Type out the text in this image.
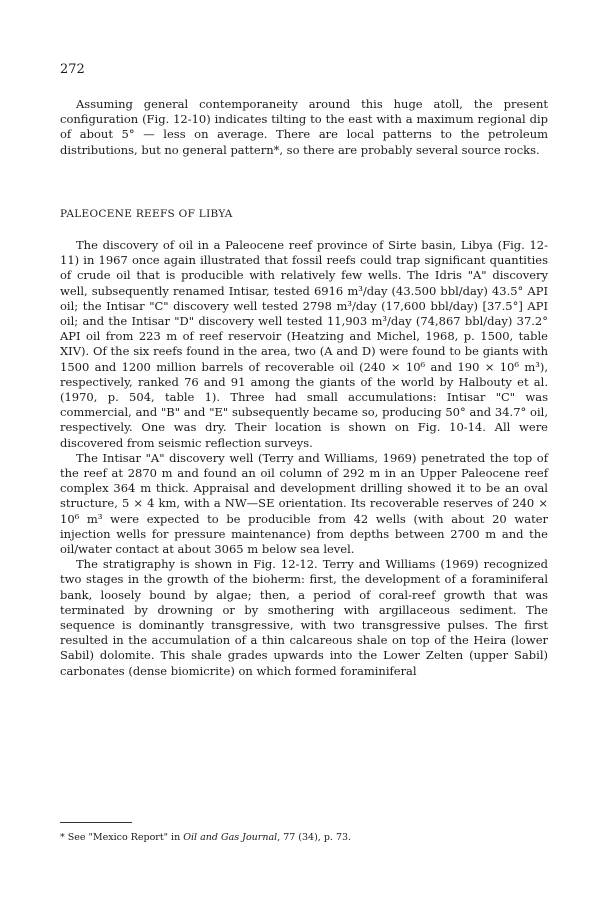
272

Assuming general contemporaneity around this huge atoll, the present configuration (Fig. 12-10) indicates tilting to the east with a maximum regional dip of about 5° — less on average. There are local patterns to the petroleum distributions, but no general pattern*, so there are probably several source rocks.

PALEOCENE REEFS OF LIBYA

The discovery of oil in a Paleocene reef province of Sirte basin, Libya (Fig. 12-11) in 1967 once again illustrated that fossil reefs could trap significant quantities of crude oil that is producible with relatively few wells. The Idris "A" discovery well, subsequently renamed Intisar, tested 6916 m³/day (43.500 bbl/day) 43.5° API oil; the Intisar "C" discovery well tested 2798 m³/day (17,600 bbl/day) [37.5°] API oil; and the Intisar "D" discovery well tested 11,903 m³/day (74,867 bbl/day) 37.2° API oil from 223 m of reef reservoir (Heatzing and Michel, 1968, p. 1500, table XIV). Of the six reefs found in the area, two (A and D) were found to be giants with 1500 and 1200 million barrels of recoverable oil (240 × 10⁶ and 190 × 10⁶ m³), respectively, ranked 76 and 91 among the giants of the world by Halbouty et al. (1970, p. 504, table 1). Three had small accumulations: Intisar "C" was commercial, and "B" and "E" subsequently became so, producing 50° and 34.7° oil, respectively. One was dry. Their location is shown on Fig. 10-14. All were discovered from seismic reflection surveys.

The Intisar "A" discovery well (Terry and Williams, 1969) penetrated the top of the reef at 2870 m and found an oil column of 292 m in an Upper Paleocene reef complex 364 m thick. Appraisal and development drilling showed it to be an oval structure, 5 × 4 km, with a NW—SE orientation. Its recoverable reserves of 240 × 10⁶ m³ were expected to be producible from 42 wells (with about 20 water injection wells for pressure maintenance) from depths between 2700 m and the oil/water contact at about 3065 m below sea level.

The stratigraphy is shown in Fig. 12-12. Terry and Williams (1969) recognized two stages in the growth of the bioherm: first, the development of a foraminiferal bank, loosely bound by algae; then, a period of coral-reef growth that was terminated by drowning or by smothering with argillaceous sediment. The sequence is dominantly transgressive, with two transgressive pulses. The first resulted in the accumulation of a thin calcareous shale on top of the Heira (lower Sabil) dolomite. This shale grades upwards into the Lower Zelten (upper Sabil) carbonates (dense biomicrite) on which formed foraminiferal

* See "Mexico Report" in Oil and Gas Journal, 77 (34), p. 73.
